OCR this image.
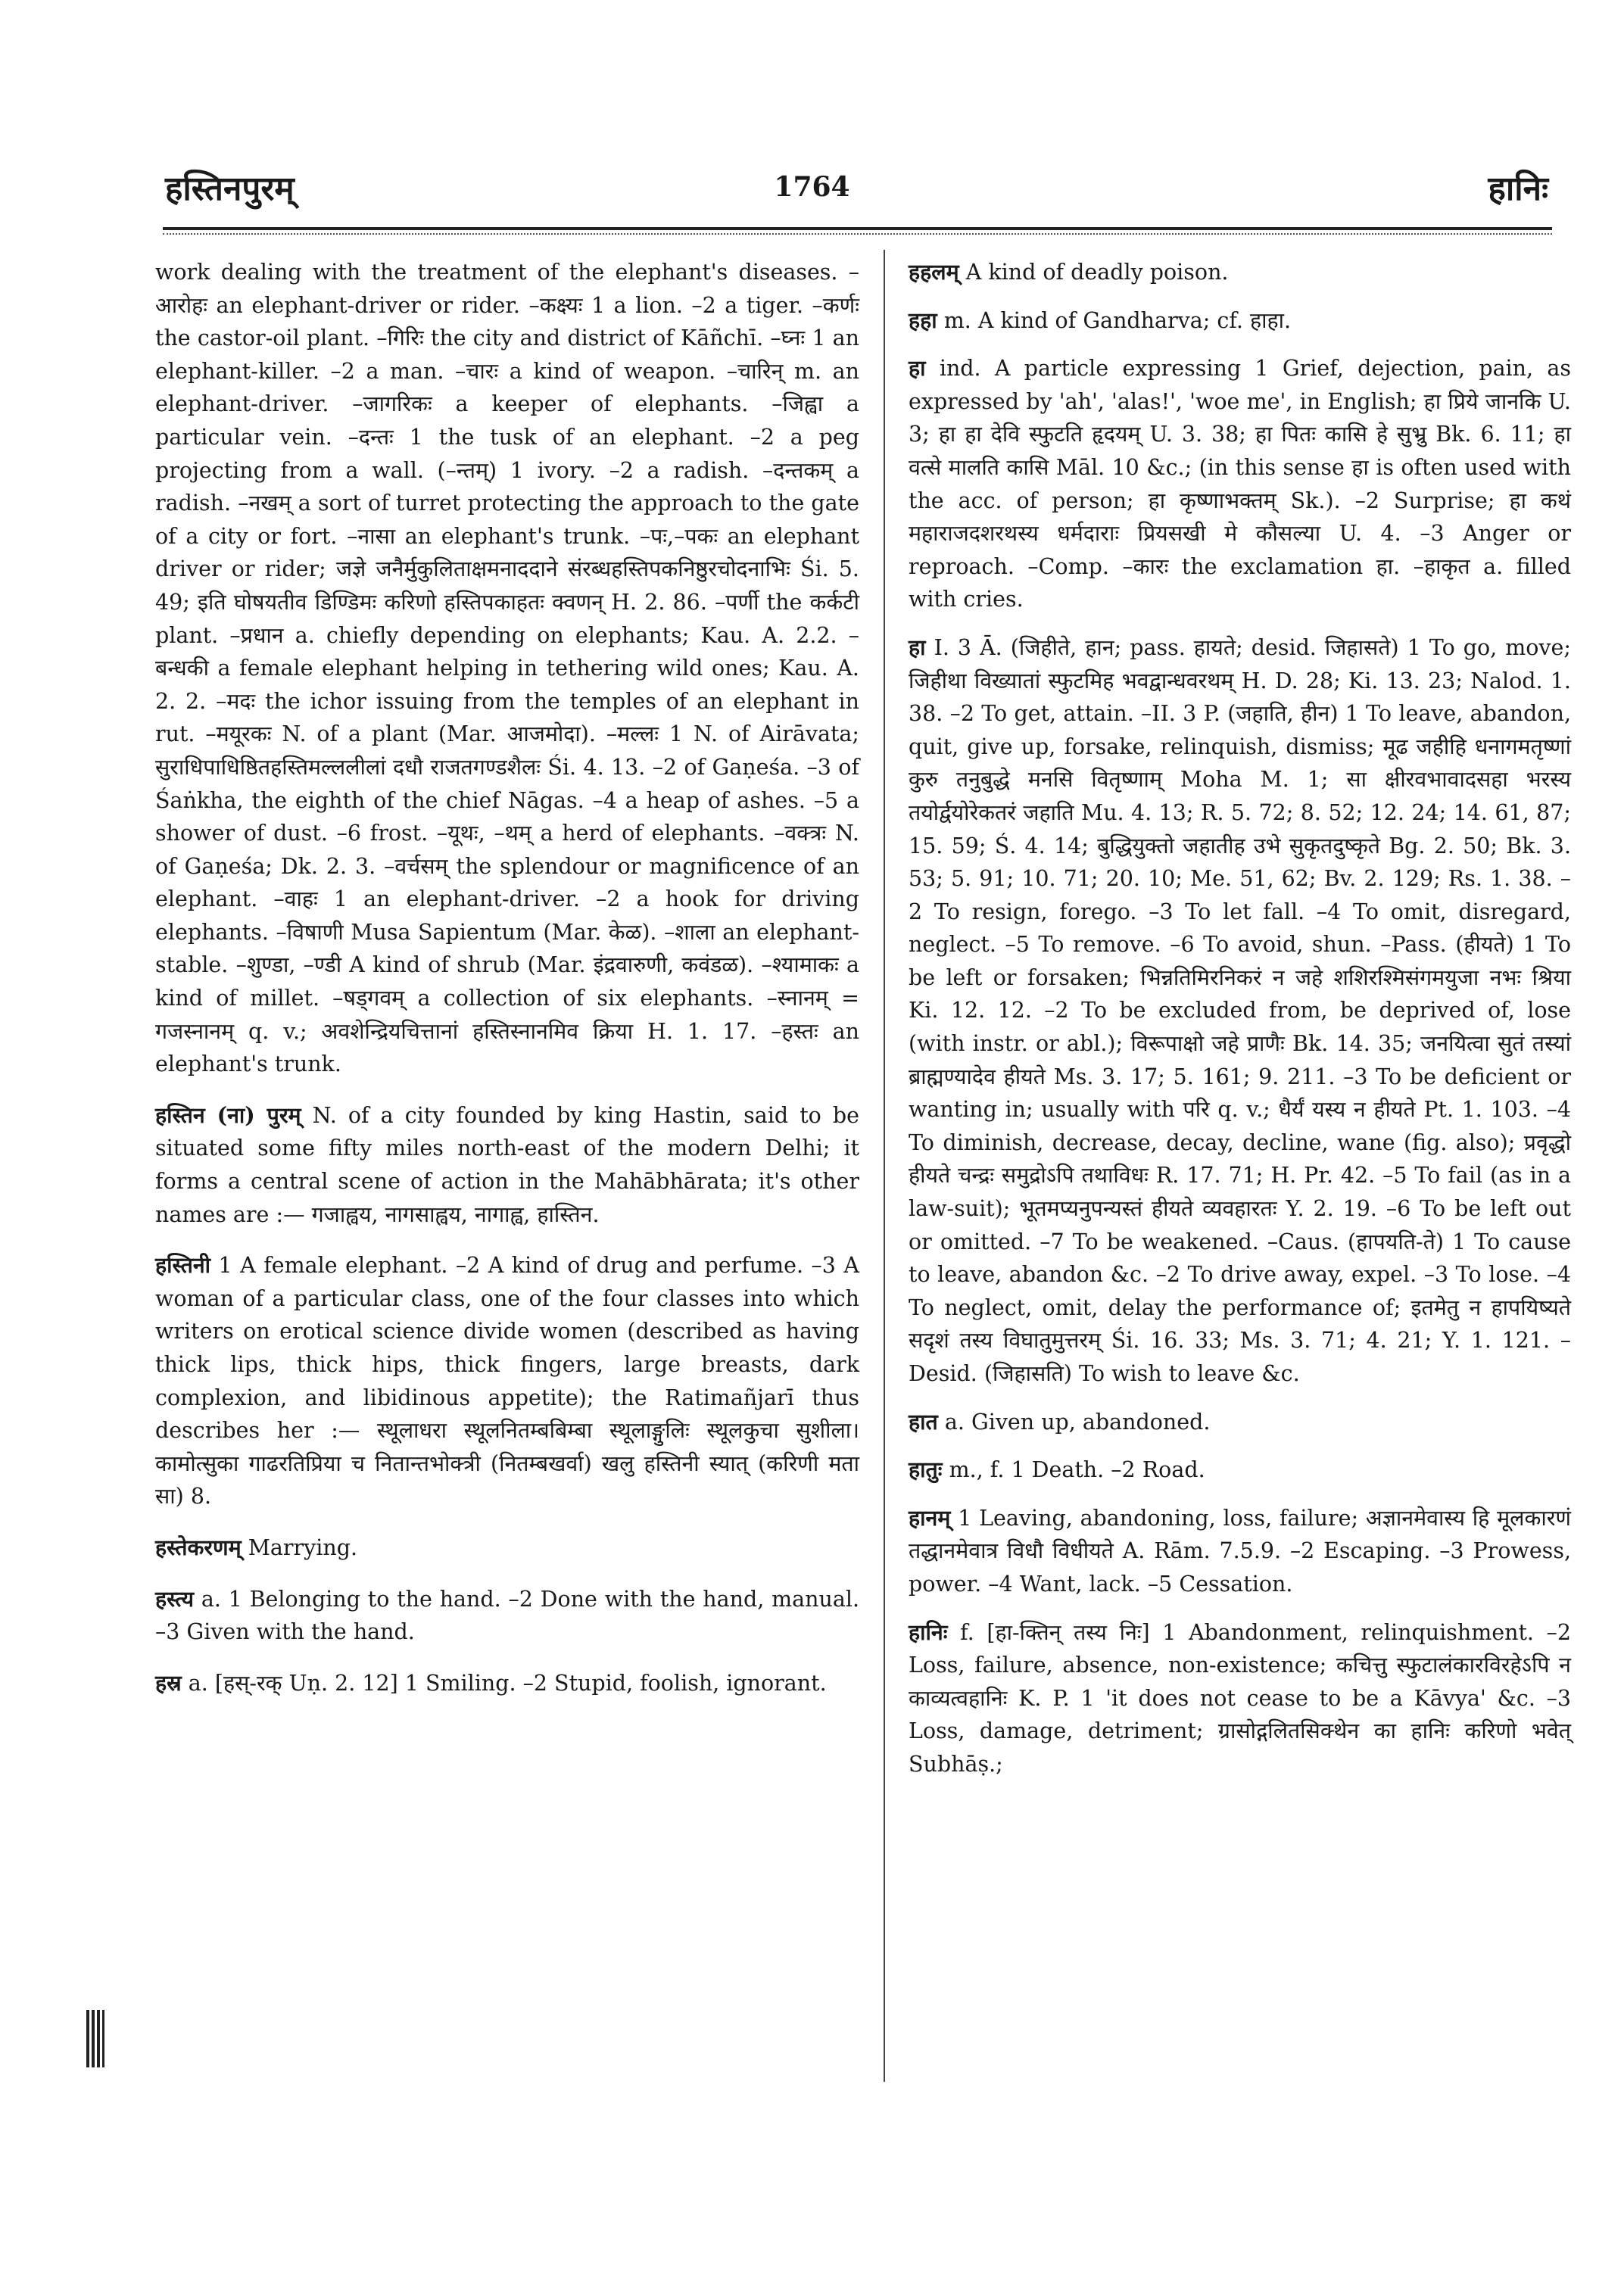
हस्तिनपुरम्	1764	हानिः

work dealing with the treatment of the elephant's diseases. –आरोहः an elephant-driver or rider. –कक्ष्यः 1 a lion. –2 a tiger. –कर्णः the castor-oil plant. –गिरिः the city and district of Kāñchī. –घ्नः 1 an elephant-killer. –2 a man. –चारः a kind of weapon. –चारिन् m. an elephant-driver. –जागरिकः a keeper of elephants. –जिह्वा a particular vein. –दन्तः 1 the tusk of an elephant. –2 a peg projecting from a wall. (–न्तम्) 1 ivory. –2 a radish. –दन्तकम् a radish. –नखम् a sort of turret protecting the approach to the gate of a city or fort. –नासा an elephant's trunk. –पः,–पकः an elephant driver or rider; जज्ञे जनैर्मुकुलिताक्षमनाददाने संरब्धहस्तिपकनिष्ठुरचोदनाभिः Śi. 5. 49; इति घोषयतीव डिण्डिमः करिणो हस्तिपकाहतः क्वणन् H. 2. 86. –पर्णी the कर्कटी plant. –प्रधान a. chiefly depending on elephants; Kau. A. 2.2. –बन्धकी a female elephant helping in tethering wild ones; Kau. A. 2. 2. –मदः the ichor issuing from the temples of an elephant in rut. –मयूरकः N. of a plant (Mar. आजमोदा). –मल्लः 1 N. of Airāvata; सुराधिपाधिष्ठितहस्तिमल्ललीलां दधौ राजतगण्डशैलः Śi. 4. 13. –2 of Gaṇeśa. –3 of Śaṅkha, the eighth of the chief Nāgas. –4 a heap of ashes. –5 a shower of dust. –6 frost. –यूथः, –थम् a herd of elephants. –वक्त्रः N. of Gaṇeśa; Dk. 2. 3. –वर्चसम् the splendour or magnificence of an elephant. –वाहः 1 an elephant-driver. –2 a hook for driving elephants. –विषाणी Musa Sapientum (Mar. केळ). –शाला an elephant-stable. –शुण्डा, –ण्डी A kind of shrub (Mar. इंद्रवारुणी, कवंडळ). –श्यामाकः a kind of millet. –षड्गवम् a collection of six elephants. –स्नानम् = गजस्नानम् q. v.; अवशेन्द्रियचित्तानां हस्तिस्नानमिव क्रिया H. 1. 17. –हस्तः an elephant's trunk.

हस्तिन (ना) पुरम् N. of a city founded by king Hastin, said to be situated some fifty miles north-east of the modern Delhi; it forms a central scene of action in the Mahābhārata; it's other names are :— गजाह्वय, नागसाह्वय, नागाह्व, हास्तिन.

हस्तिनी 1 A female elephant. –2 A kind of drug and perfume. –3 A woman of a particular class, one of the four classes into which writers on erotical science divide women (described as having thick lips, thick hips, thick fingers, large breasts, dark complexion, and libidinous appetite); the Ratimañjarī thus describes her :— स्थूलाधरा स्थूलनितम्बबिम्बा स्थूलाङ्गुलिः स्थूलकुचा सुशीला। कामोत्सुका गाढरतिप्रिया च नितान्तभोक्त्री (नितम्बखर्वा) खलु हस्तिनी स्यात् (करिणी मता सा) 8.

हस्तेकरणम् Marrying.

हस्त्य a. 1 Belonging to the hand. –2 Done with the hand, manual. –3 Given with the hand.

हस्र a. [हस्-रक् Uṇ. 2. 12] 1 Smiling. –2 Stupid, foolish, ignorant.

हहलम् A kind of deadly poison.

हहा m. A kind of Gandharva; cf. हाहा.

हा ind. A particle expressing 1 Grief, dejection, pain, as expressed by 'ah', 'alas!', 'woe me', in English; हा प्रिये जानकि U. 3; हा हा देवि स्फुटति हृदयम् U. 3. 38; हा पितः कासि हे सुभ्रु Bk. 6. 11; हा वत्से मालति कासि Māl. 10 &c.; (in this sense हा is often used with the acc. of person; हा कृष्णाभक्तम् Sk.). –2 Surprise; हा कथं महाराजदशरथस्य धर्मदाराः प्रियसखी मे कौसल्या U. 4. –3 Anger or reproach. –Comp. –कारः the exclamation हा. –हाकृत a. filled with cries.

हा I. 3 Ā. (जिहीते, हान; pass. हायते; desid. जिहासते) 1 To go, move; जिहीथा विख्यातां स्फुटमिह भवद्वान्धवरथम् H. D. 28; Ki. 13. 23; Nalod. 1. 38. –2 To get, attain. –II. 3 P. (जहाति, हीन) 1 To leave, abandon, quit, give up, forsake, relinquish, dismiss; मूढ जहीहि धनागमतृष्णां कुरु तनुबुद्धे मनसि वितृष्णाम् Moha M. 1; सा क्षीरवभावादसहा भरस्य तयोर्द्वयोरेकतरं जहाति Mu. 4. 13; R. 5. 72; 8. 52; 12. 24; 14. 61, 87; 15. 59; Ś. 4. 14; बुद्धियुक्तो जहातीह उभे सुकृतदुष्कृते Bg. 2. 50; Bk. 3. 53; 5. 91; 10. 71; 20. 10; Me. 51, 62; Bv. 2. 129; Rs. 1. 38. –2 To resign, forego. –3 To let fall. –4 To omit, disregard, neglect. –5 To remove. –6 To avoid, shun. –Pass. (हीयते) 1 To be left or forsaken; भिन्नतिमिरनिकरं न जहे शशिरश्मिसंगमयुजा नभः श्रिया Ki. 12. 12. –2 To be excluded from, be deprived of, lose (with instr. or abl.); विरूपाक्षो जहे प्राणैः Bk. 14. 35; जनयित्वा सुतं तस्यां ब्राह्मण्यादेव हीयते Ms. 3. 17; 5. 161; 9. 211. –3 To be deficient or wanting in; usually with परि q. v.; धैर्यं यस्य न हीयते Pt. 1. 103. –4 To diminish, decrease, decay, decline, wane (fig. also); प्रवृद्धो हीयते चन्द्रः समुद्रोऽपि तथाविधः R. 17. 71; H. Pr. 42. –5 To fail (as in a law-suit); भूतमप्यनुपन्यस्तं हीयते व्यवहारतः Y. 2. 19. –6 To be left out or omitted. –7 To be weakened. –Caus. (हापयति-ते) 1 To cause to leave, abandon &c. –2 To drive away, expel. –3 To lose. –4 To neglect, omit, delay the performance of; इतमेतु न हापयिष्यते सदृशं तस्य विघातुमुत्तरम् Śi. 16. 33; Ms. 3. 71; 4. 21; Y. 1. 121. –Desid. (जिहासति) To wish to leave &c.

हात a. Given up, abandoned.

हातुः m., f. 1 Death. –2 Road.

हानम् 1 Leaving, abandoning, loss, failure; अज्ञानमेवास्य हि मूलकारणं तद्धानमेवात्र विधौ विधीयते A. Rām. 7.5.9. –2 Escaping. –3 Prowess, power. –4 Want, lack. –5 Cessation.

हानिः f. [हा-क्तिन् तस्य निः] 1 Abandonment, relinquishment. –2 Loss, failure, absence, non-existence; कचित्तु स्फुटालंकारविरहेऽपि न काव्यत्वहानिः K. P. 1 'it does not cease to be a Kāvya' &c. –3 Loss, damage, detriment; ग्रासोद्गलितसिक्थेन का हानिः करिणो भवेत् Subhāṣ.;
